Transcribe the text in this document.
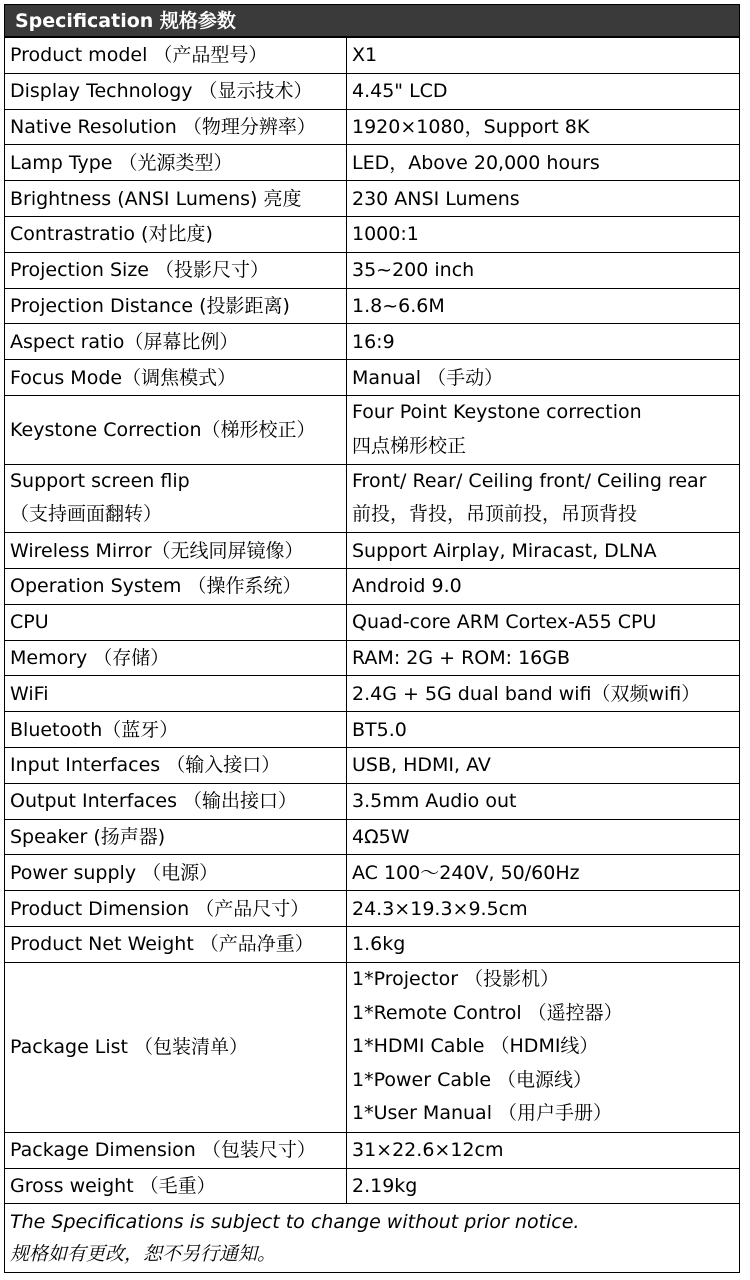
Specification 规格参数
Product model （产品型号）	X1

Display Technology （显示技术）	4.45" LCD

Native Resolution （物理分辨率）	1920×1080，Support 8K

Lamp Type （光源类型）	LED，Above 20,000 hours

Brightness (ANSI Lumens) 亮度	230 ANSI Lumens

Contrastratio (对比度)	1000:1

Projection Size （投影尺寸）	35~200 inch

Projection Distance (投影距离)	1.8~6.6M

Aspect ratio（屏幕比例）	16:9

Focus Mode（调焦模式）	Manual （手动）

Keystone Correction（梯形校正）	Four Point Keystone correction
四点梯形校正

Support screen flip
（支持画面翻转）	Front/ Rear/ Ceiling front/ Ceiling rear
前投，背投，吊顶前投，吊顶背投

Wireless Mirror（无线同屏镜像）	Support Airplay, Miracast, DLNA

Operation System （操作系统）	Android 9.0

CPU	Quad-core ARM Cortex-A55 CPU

Memory （存储）	RAM: 2G + ROM: 16GB

WiFi	2.4G + 5G dual band wifi（双频wifi）

Bluetooth（蓝牙）	BT5.0

Input Interfaces （输入接口）	USB, HDMI, AV

Output Interfaces （输出接口）	3.5mm Audio out

Speaker (扬声器)	4Ω5W

Power supply （电源）	AC 100～240V, 50/60Hz

Product Dimension （产品尺寸）	24.3×19.3×9.5cm

Product Net Weight （产品净重）	1.6kg

Package List （包装清单）	1*Projector （投影机）
1*Remote Control （遥控器）
1*HDMI Cable （HDMI线）
1*Power Cable （电源线）
1*User Manual （用户手册）

Package Dimension （包装尺寸）	31×22.6×12cm

Gross weight （毛重）	2.19kg
The Specifications is subject to change without prior notice.
规格如有更改，恕不另行通知。
